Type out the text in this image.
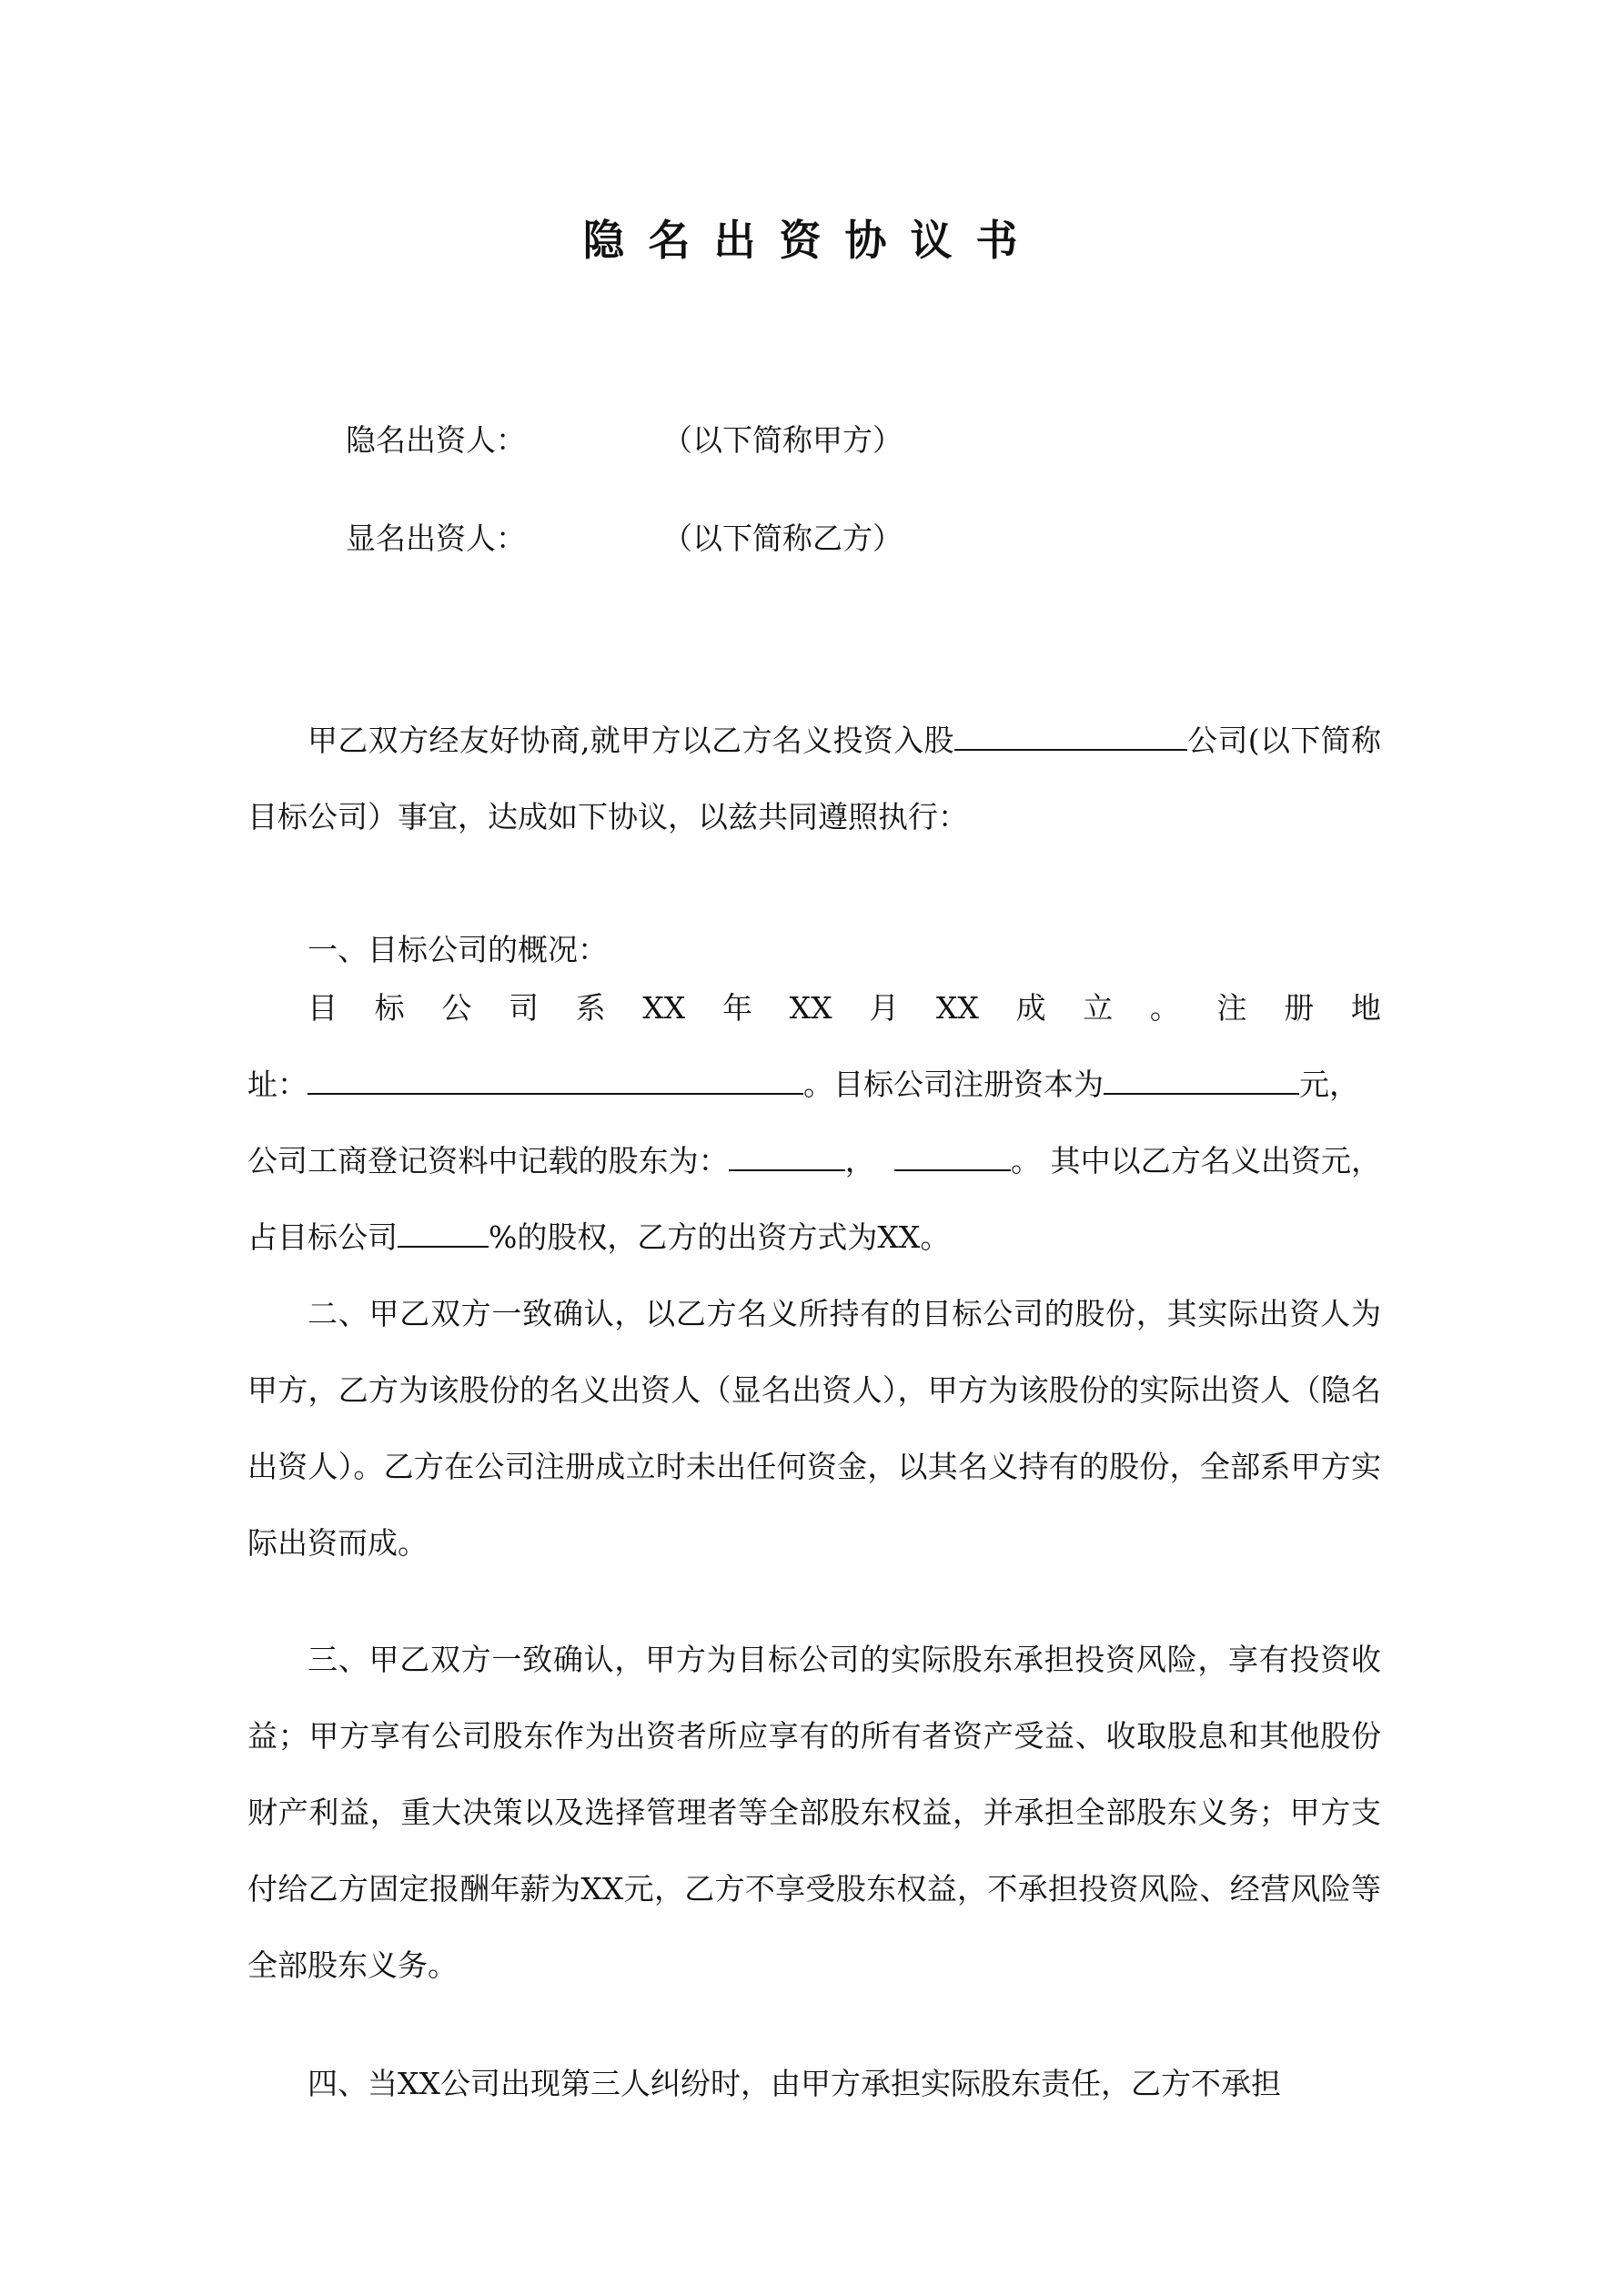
隐名出资协议书
隐名出资人：	（以下简称甲方）
显名出资人：	（以下简称乙方）

甲乙双方经友好协商,就甲方以乙方名义投资入股	公司(以下简称目标公司）事宜，达成如下协议，以兹共同遵照执行：

一、目标公司的概况：

目 标 公 司 系 XX 年 XX 月 XX 成 立 。 注 册 地
址：	。目标公司注册资本为	元，
公司工商登记资料中记载的股东为：	，	。 其中以乙方名义出资元，占目标公司	%的股权，乙方的出资方式为XX。

二、甲乙双方一致确认，以乙方名义所持有的目标公司的股份，其实际出资人为甲方，乙方为该股份的名义出资人（显名出资人），甲方为该股份的实际出资人（隐名出资人）。乙方在公司注册成立时未出任何资金，以其名义持有的股份，全部系甲方实际出资而成。

三、甲乙双方一致确认，甲方为目标公司的实际股东承担投资风险，享有投资收益；甲方享有公司股东作为出资者所应享有的所有者资产受益、收取股息和其他股份财产利益，重大决策以及选择管理者等全部股东权益，并承担全部股东义务；甲方支付给乙方固定报酬年薪为XX元，乙方不享受股东权益，不承担投资风险、经营风险等全部股东义务。

四、当XX公司出现第三人纠纷时，由甲方承担实际股东责任，乙方不承担
